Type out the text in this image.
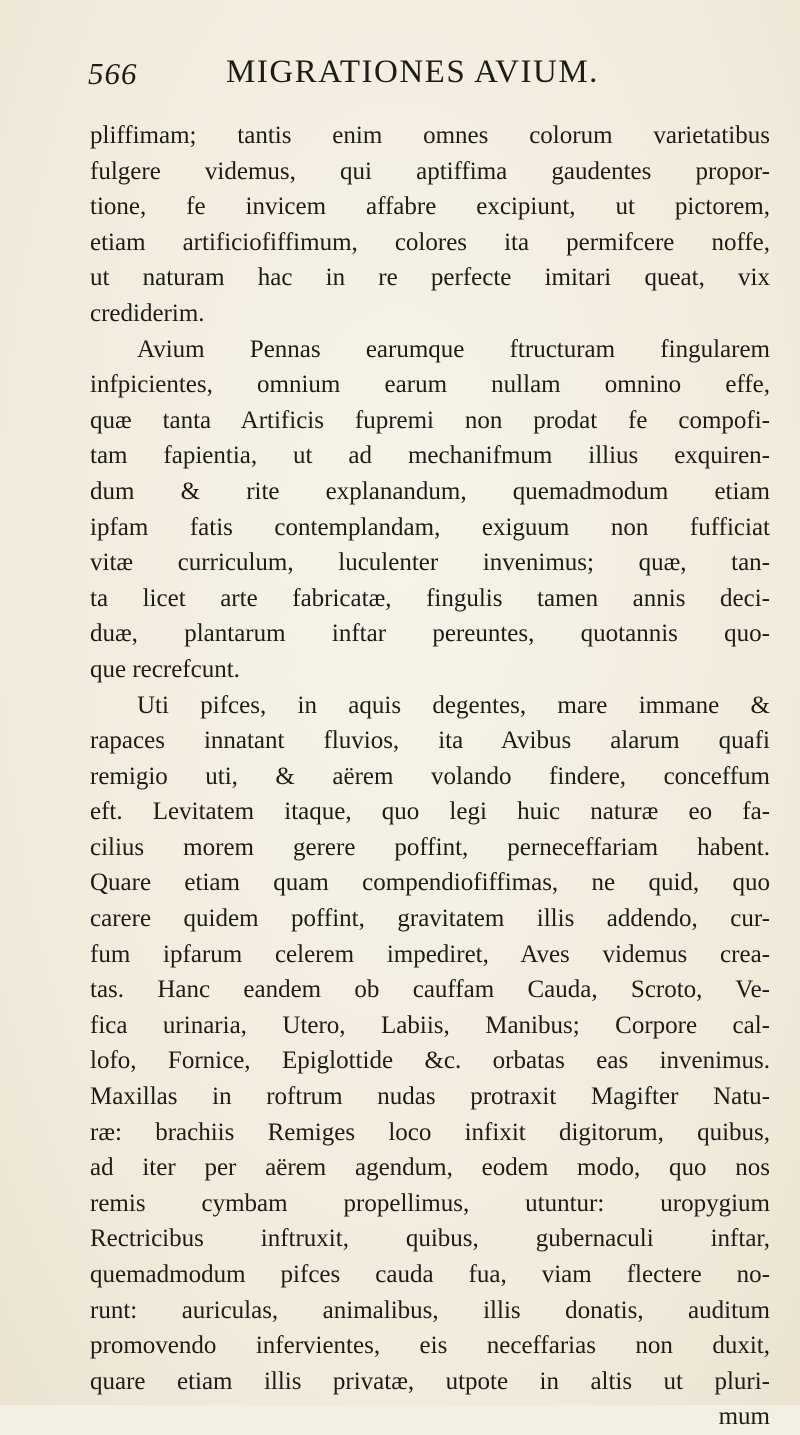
566	MIGRATIONES AVIUM.
pliffimam; tantis enim omnes colorum varietatibus
fulgere videmus, qui aptiffima gaudentes propor-
tione, fe invicem affabre excipiunt, ut pictorem,
etiam artificiofiffimum, colores ita permifcere noffe,
ut naturam hac in re perfecte imitari queat, vix
crediderim.
Avium Pennas earumque ftructuram fingularem
infpicientes, omnium earum nullam omnino effe,
quæ tanta Artificis fupremi non prodat fe compofi-
tam fapientia, ut ad mechanifmum illius exquiren-
dum & rite explanandum, quemadmodum etiam
ipfam fatis contemplandam, exiguum non fufficiat
vitæ curriculum, luculenter invenimus; quæ, tan-
ta licet arte fabricatæ, fingulis tamen annis deci-
duæ, plantarum inftar pereuntes, quotannis quo-
que recrefcunt.
Uti pifces, in aquis degentes, mare immane &
rapaces innatant fluvios, ita Avibus alarum quafi
remigio uti, & aërem volando findere, conceffum
eft. Levitatem itaque, quo legi huic naturæ eo fa-
cilius morem gerere poffint, perneceffariam habent.
Quare etiam quam compendiofiffimas, ne quid, quo
carere quidem poffint, gravitatem illis addendo, cur-
fum ipfarum celerem impediret, Aves videmus crea-
tas. Hanc eandem ob cauffam Cauda, Scroto, Ve-
fica urinaria, Utero, Labiis, Manibus; Corpore cal-
lofo, Fornice, Epiglottide &c. orbatas eas invenimus.
Maxillas in roftrum nudas protraxit Magifter Natu-
ræ: brachiis Remiges loco infixit digitorum, quibus,
ad iter per aërem agendum, eodem modo, quo nos
remis cymbam propellimus, utuntur: uropygium
Rectricibus inftruxit, quibus, gubernaculi inftar,
quemadmodum pifces cauda fua, viam flectere no-
runt: auriculas, animalibus, illis donatis, auditum
promovendo infervientes, eis neceffarias non duxit,
quare etiam illis privatæ, utpote in altis ut pluri-
mum
